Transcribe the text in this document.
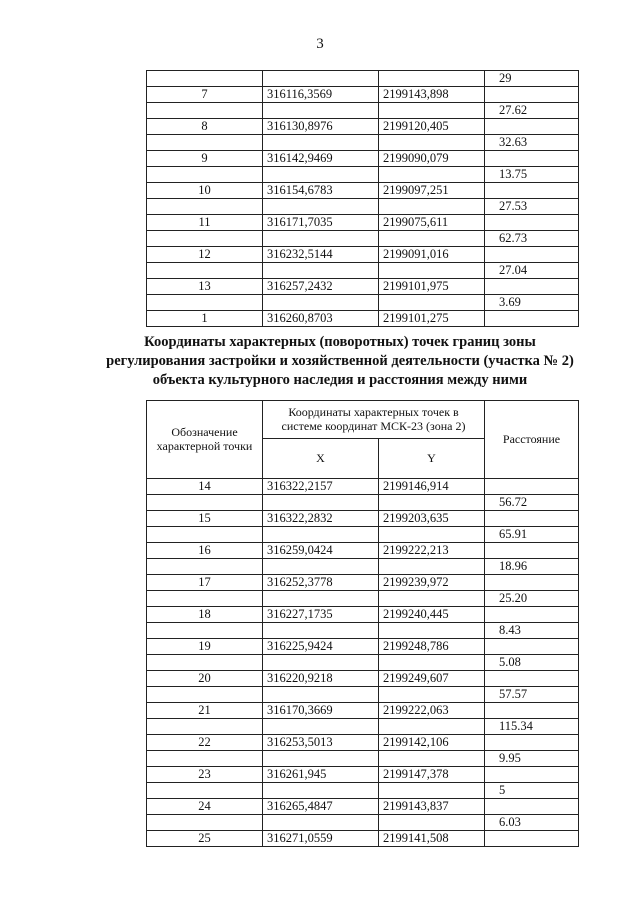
3
			29
7	316116,3569	2199143,898	
			27.62
8	316130,8976	2199120,405	
			32.63
9	316142,9469	2199090,079	
			13.75
10	316154,6783	2199097,251	
			27.53
11	316171,7035	2199075,611	
			62.73
12	316232,5144	2199091,016	
			27.04
13	316257,2432	2199101,975	
			3.69
1	316260,8703	2199101,275	
Координаты характерных (поворотных) точек границ зоны
регулирования застройки и хозяйственной деятельности (участка № 2)
объекта культурного наследия и расстояния между ними
Обозначение характерной точки	Координаты характерных точек в системе координат МСК-23 (зона 2)		Расстояние
	X	Y	
14	316322,2157	2199146,914	
			56.72
15	316322,2832	2199203,635	
			65.91
16	316259,0424	2199222,213	
			18.96
17	316252,3778	2199239,972	
			25.20
18	316227,1735	2199240,445	
			8.43
19	316225,9424	2199248,786	
			5.08
20	316220,9218	2199249,607	
			57.57
21	316170,3669	2199222,063	
			115.34
22	316253,5013	2199142,106	
			9.95
23	316261,945	2199147,378	
			5
24	316265,4847	2199143,837	
			6.03
25	316271,0559	2199141,508	
